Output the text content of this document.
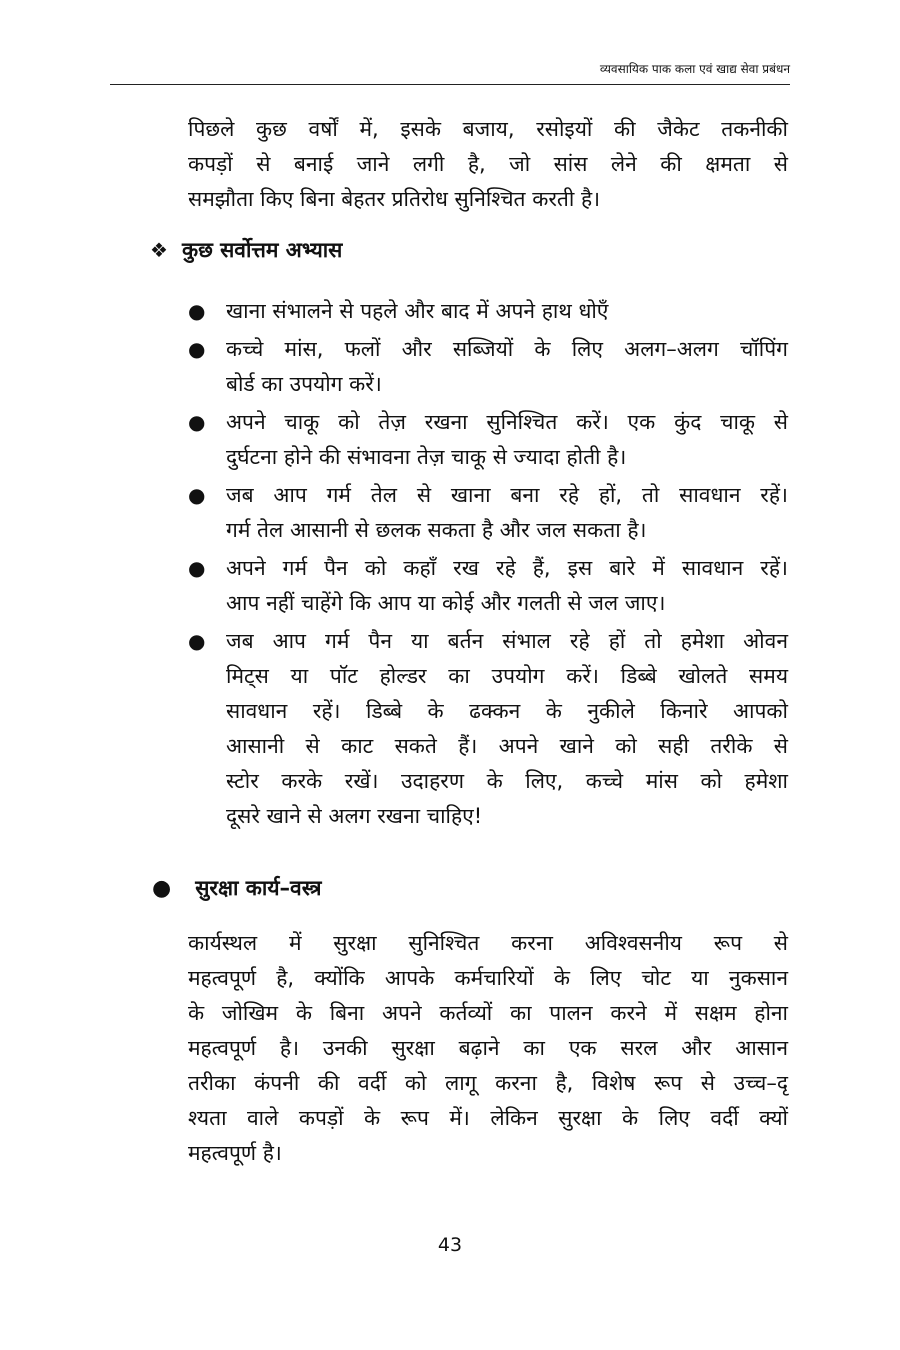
व्यवसायिक पाक कला एवं खाद्य सेवा प्रबंधन
पिछले कुछ वर्षों में, इसके बजाय, रसोइयों की जैकेट तकनीकी
कपड़ों से बनाई जाने लगी है, जो सांस लेने की क्षमता से
समझौता किए बिना बेहतर प्रतिरोध सुनिश्चित करती है।
❖ कुछ सर्वोत्तम अभ्यास
● खाना संभालने से पहले और बाद में अपने हाथ धोएँ
● कच्चे मांस, फलों और सब्जियों के लिए अलग–अलग चॉपिंग
बोर्ड का उपयोग करें।
● अपने चाकू को तेज़ रखना सुनिश्चित करें। एक कुंद चाकू से
दुर्घटना होने की संभावना तेज़ चाकू से ज्यादा होती है।
● जब आप गर्म तेल से खाना बना रहे हों, तो सावधान रहें।
गर्म तेल आसानी से छलक सकता है और जल सकता है।
● अपने गर्म पैन को कहाँ रख रहे हैं, इस बारे में सावधान रहें।
आप नहीं चाहेंगे कि आप या कोई और गलती से जल जाए।
● जब आप गर्म पैन या बर्तन संभाल रहे हों तो हमेशा ओवन
मिट्स या पॉट होल्डर का उपयोग करें। डिब्बे खोलते समय
सावधान रहें। डिब्बे के ढक्कन के नुकीले किनारे आपको
आसानी से काट सकते हैं। अपने खाने को सही तरीके से
स्टोर करके रखें। उदाहरण के लिए, कच्चे मांस को हमेशा
दूसरे खाने से अलग रखना चाहिए!
● सुरक्षा कार्य–वस्त्र
कार्यस्थल में सुरक्षा सुनिश्चित करना अविश्वसनीय रूप से
महत्वपूर्ण है, क्योंकि आपके कर्मचारियों के लिए चोट या नुकसान
के जोखिम के बिना अपने कर्तव्यों का पालन करने में सक्षम होना
महत्वपूर्ण है। उनकी सुरक्षा बढ़ाने का एक सरल और आसान
तरीका कंपनी की वर्दी को लागू करना है, विशेष रूप से उच्च–दृ
श्यता वाले कपड़ों के रूप में। लेकिन सुरक्षा के लिए वर्दी क्यों
महत्वपूर्ण है।
43
